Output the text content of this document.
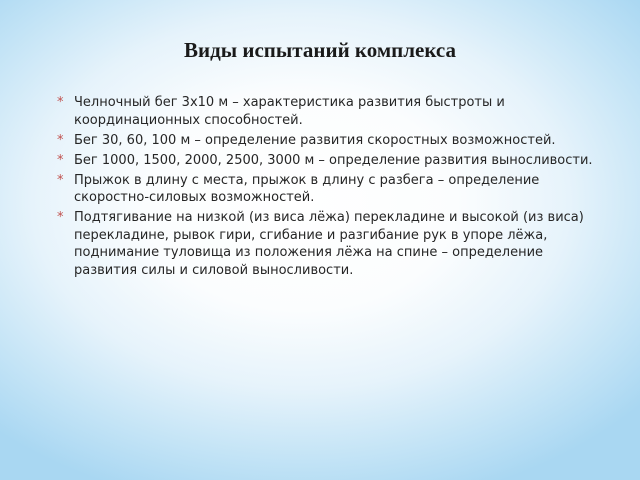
Виды испытаний комплекса
* Челночный бег 3х10 м – характеристика развития быстроты и координационных способностей.
* Бег 30, 60, 100 м – определение развития скоростных возможностей.
* Бег 1000, 1500, 2000, 2500, 3000 м – определение развития выносливости.
* Прыжок в длину с места, прыжок в длину с разбега – определение скоростно-силовых возможностей.
* Подтягивание на низкой (из виса лёжа) перекладине и высокой (из виса) перекладине, рывок гири, сгибание и разгибание рук в упоре лёжа, поднимание туловища из положения лёжа на спине – определение развития силы и силовой выносливости.
